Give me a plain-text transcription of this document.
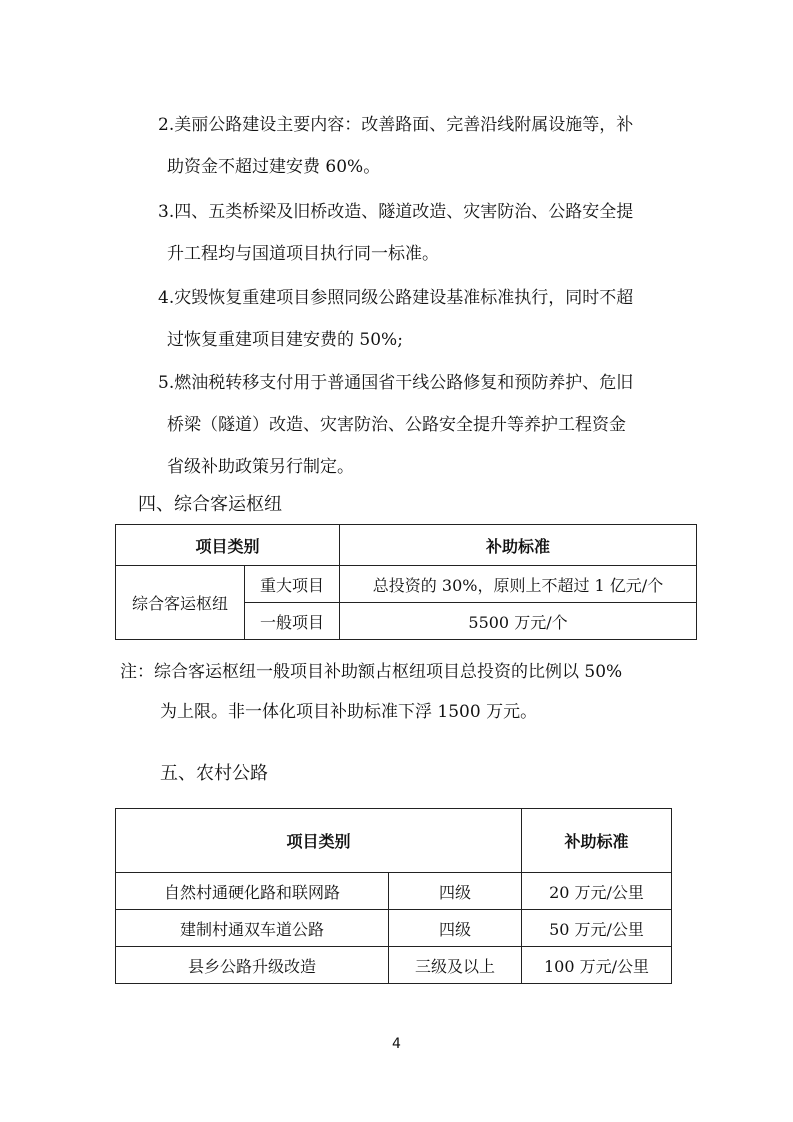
2.美丽公路建设主要内容：改善路面、完善沿线附属设施等，补
助资金不超过建安费 60%。
3.四、五类桥梁及旧桥改造、隧道改造、灾害防治、公路安全提
升工程均与国道项目执行同一标准。
4.灾毁恢复重建项目参照同级公路建设基准标准执行，同时不超
过恢复重建项目建安费的 50%;
5.燃油税转移支付用于普通国省干线公路修复和预防养护、危旧
桥梁（隧道）改造、灾害防治、公路安全提升等养护工程资金
省级补助政策另行制定。
四、综合客运枢纽
项目类别		补助标准
综合客运枢纽	重大项目	总投资的 30%，原则上不超过 1 亿元/个
	一般项目	5500 万元/个
注：综合客运枢纽一般项目补助额占枢纽项目总投资的比例以 50%
为上限。非一体化项目补助标准下浮 1500 万元。
五、农村公路
项目类别		补助标准
自然村通硬化路和联网路	四级	20 万元/公里
建制村通双车道公路	四级	50 万元/公里
县乡公路升级改造	三级及以上	100 万元/公里
4
